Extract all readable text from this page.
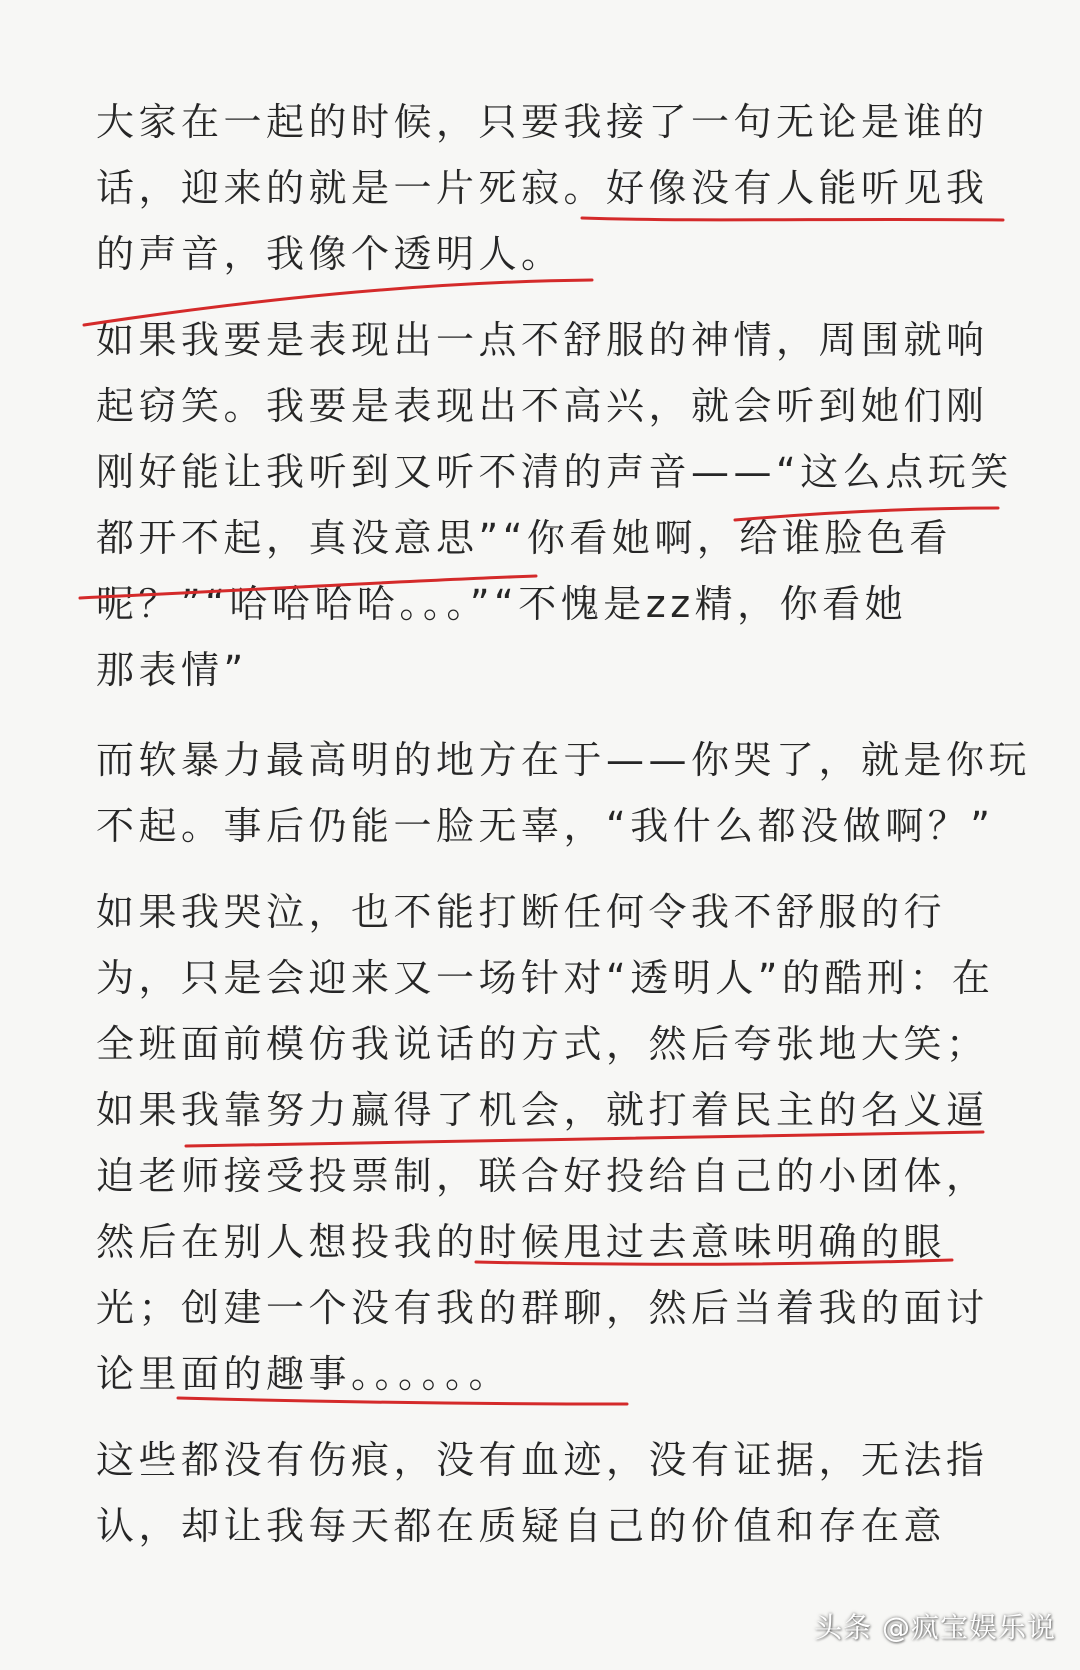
大家在一起的时候，只要我接了一句无论是谁的
话，迎来的就是一片死寂。好像没有人能听见我
的声音，我像个透明人。
如果我要是表现出一点不舒服的神情，周围就响
起窃笑。我要是表现出不高兴，就会听到她们刚
刚好能让我听到又听不清的声音——“这么点玩笑
都开不起，真没意思”“你看她啊，给谁脸色看
呢？”“哈哈哈哈。。。”“不愧是zz精，你看她
那表情”
而软暴力最高明的地方在于——你哭了，就是你玩
不起。事后仍能一脸无辜，“我什么都没做啊？”
如果我哭泣，也不能打断任何令我不舒服的行
为，只是会迎来又一场针对“透明人”的酷刑：在
全班面前模仿我说话的方式，然后夸张地大笑；
如果我靠努力赢得了机会，就打着民主的名义逼
迫老师接受投票制，联合好投给自己的小团体，
然后在别人想投我的时候甩过去意味明确的眼
光；创建一个没有我的群聊，然后当着我的面讨
论里面的趣事。。。。。。
这些都没有伤痕，没有血迹，没有证据，无法指
认，却让我每天都在质疑自己的价值和存在意
头条 @疯宝娱乐说
